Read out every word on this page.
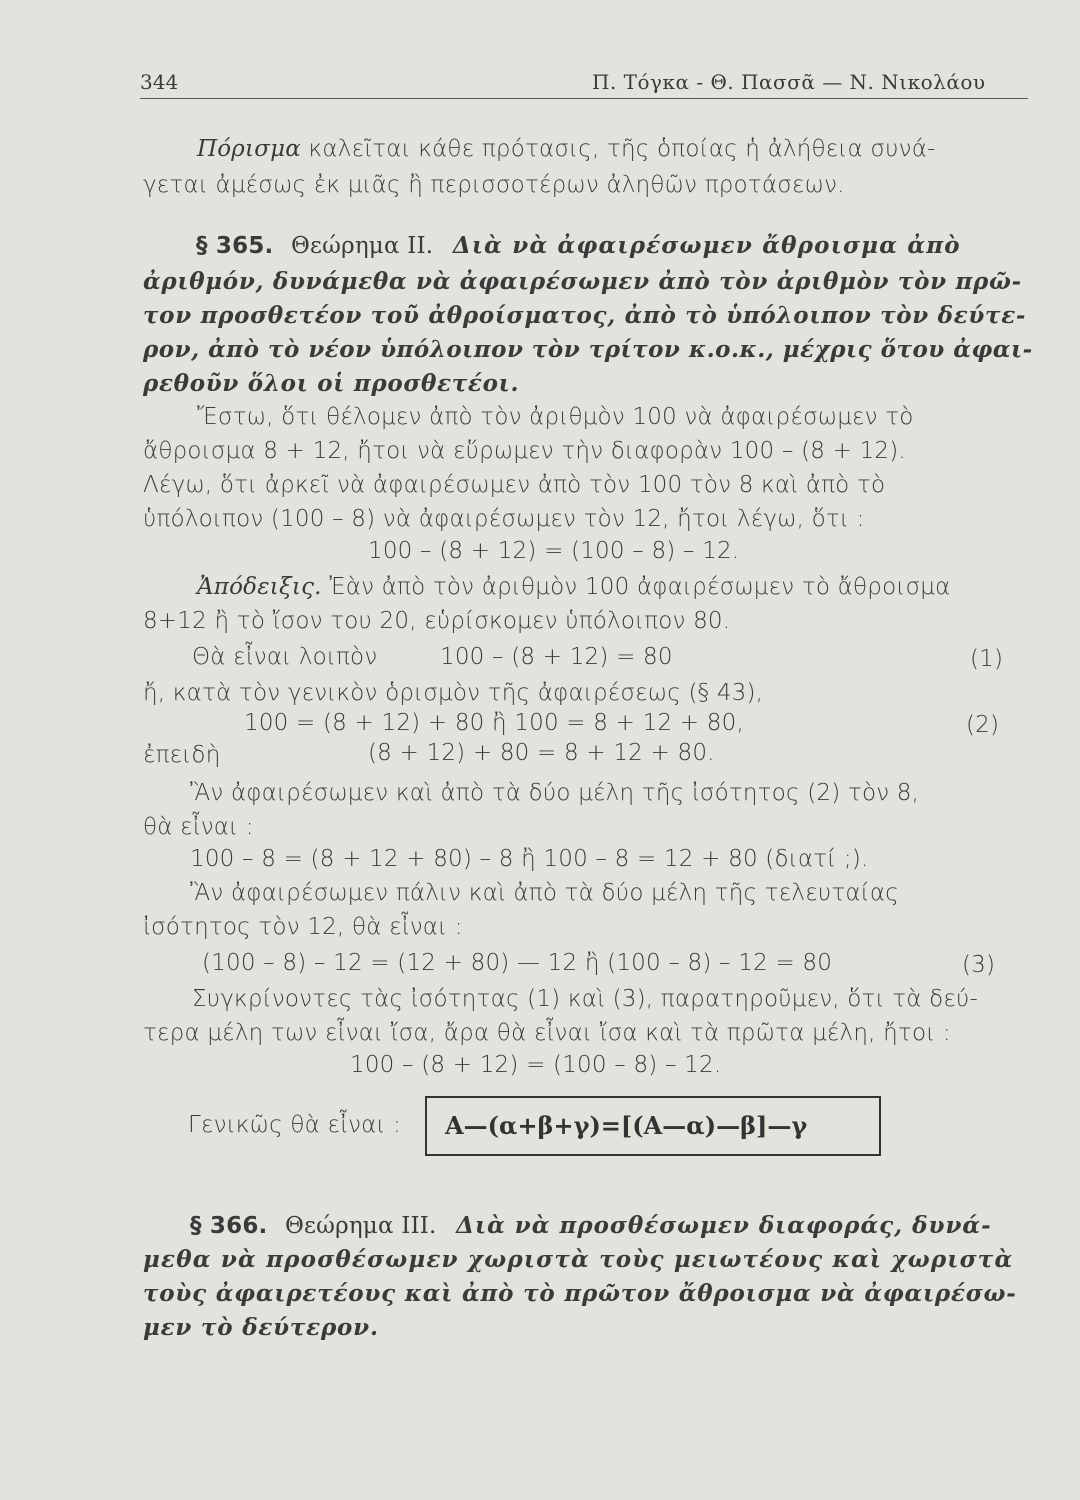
344	Π. Τόγκα - Θ. Πασσᾶ — Ν. Νικολάου
Πόρισμα καλεῖται κάθε πρότασις, τῆς ὁποίας ἡ ἀλήθεια συνά-
γεται ἀμέσως ἐκ μιᾶς ἢ περισσοτέρων ἀληθῶν προτάσεων.
§ 365. Θεώρημα ΙΙ. Διὰ νὰ ἀφαιρέσωμεν ἄθροισμα ἀπὸ
ἀριθμόν, δυνάμεθα νὰ ἀφαιρέσωμεν ἀπὸ τὸν ἀριθμὸν τὸν πρῶ-
τον προσθετέον τοῦ ἀθροίσματος, ἀπὸ τὸ ὑπόλοιπον τὸν δεύτε-
ρον, ἀπὸ τὸ νέον ὑπόλοιπον τὸν τρίτον κ.ο.κ., μέχρις ὅτου ἀφαι-
ρεθοῦν ὅλοι οἱ προσθετέοι.
Ἔστω, ὅτι θέλομεν ἀπὸ τὸν ἀριθμὸν 100 νὰ ἀφαιρέσωμεν τὸ
ἄθροισμα 8 + 12, ἤτοι νὰ εὕρωμεν τὴν διαφορὰν 100 – (8 + 12).
Λέγω, ὅτι ἀρκεῖ νὰ ἀφαιρέσωμεν ἀπὸ τὸν 100 τὸν 8 καὶ ἀπὸ τὸ
ὑπόλοιπον (100 – 8) νὰ ἀφαιρέσωμεν τὸν 12, ἤτοι λέγω, ὅτι :
100 – (8 + 12) = (100 – 8) – 12.
Ἀπόδειξις. Ἐὰν ἀπὸ τὸν ἀριθμὸν 100 ἀφαιρέσωμεν τὸ ἄθροισμα
8+12 ἢ τὸ ἴσον του 20, εὑρίσκομεν ὑπόλοιπον 80.
Θὰ εἶναι λοιπὸν	100 – (8 + 12) = 80	(1)
ἤ, κατὰ τὸν γενικὸν ὁρισμὸν τῆς ἀφαιρέσεως (§ 43),
100 = (8 + 12) + 80 ἢ 100 = 8 + 12 + 80,	(2)
ἐπειδὴ	(8 + 12) + 80 = 8 + 12 + 80.
Ἂν ἀφαιρέσωμεν καὶ ἀπὸ τὰ δύο μέλη τῆς ἰσότητος (2) τὸν 8,
θὰ εἶναι :
100 – 8 = (8 + 12 + 80) – 8 ἢ 100 – 8 = 12 + 80 (διατί ;).
Ἂν ἀφαιρέσωμεν πάλιν καὶ ἀπὸ τὰ δύο μέλη τῆς τελευταίας
ἰσότητος τὸν 12, θὰ εἶναι :
(100 – 8) – 12 = (12 + 80) — 12 ἢ (100 – 8) – 12 = 80	(3)
Συγκρίνοντες τὰς ἰσότητας (1) καὶ (3), παρατηροῦμεν, ὅτι τὰ δεύ-
τερα μέλη των εἶναι ἴσα, ἄρα θὰ εἶναι ἴσα καὶ τὰ πρῶτα μέλη, ἤτοι :
100 – (8 + 12) = (100 – 8) – 12.
Γενικῶς θὰ εἶναι : Α—(α+β+γ)=[(Α—α)—β]—γ
§ 366. Θεώρημα ΙΙΙ. Διὰ νὰ προσθέσωμεν διαφοράς, δυνά-
μεθα νὰ προσθέσωμεν χωριστὰ τοὺς μειωτέους καὶ χωριστὰ
τοὺς ἀφαιρετέους καὶ ἀπὸ τὸ πρῶτον ἄθροισμα νὰ ἀφαιρέσω-
μεν τὸ δεύτερον.
